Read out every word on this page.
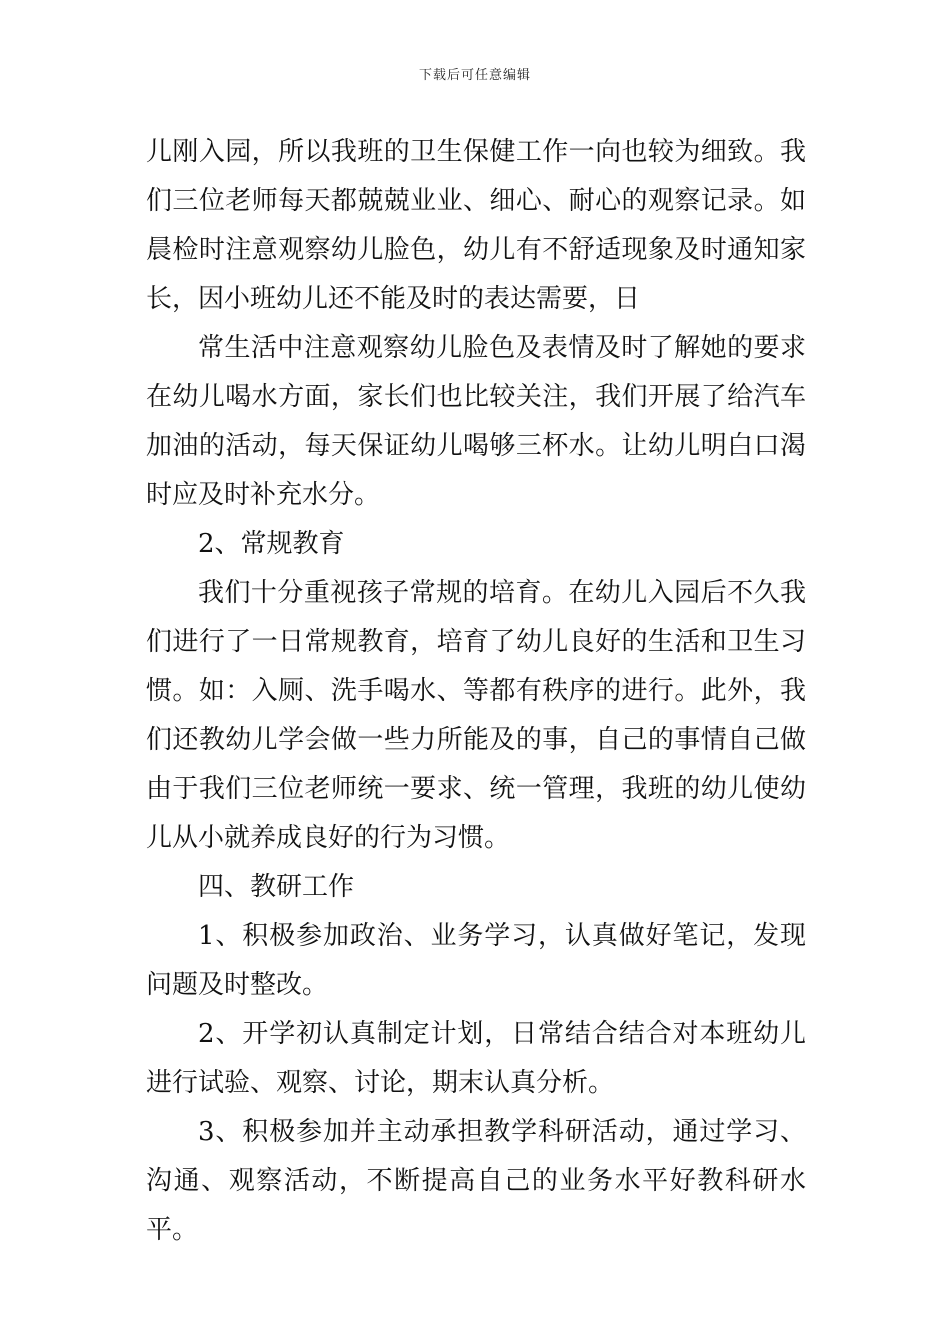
下载后可任意编辑

儿刚入园，所以我班的卫生保健工作一向也较为细致。我们三位老师每天都兢兢业业、细心、耐心的观察记录。如晨检时注意观察幼儿脸色，幼儿有不舒适现象及时通知家长，因小班幼儿还不能及时的表达需要，日

常生活中注意观察幼儿脸色及表情及时了解她的要求在幼儿喝水方面，家长们也比较关注，我们开展了给汽车加油的活动，每天保证幼儿喝够三杯水。让幼儿明白口渴时应及时补充水分。

2、常规教育

我们十分重视孩子常规的培育。在幼儿入园后不久我们进行了一日常规教育，培育了幼儿良好的生活和卫生习惯。如：入厕、洗手喝水、等都有秩序的进行。此外，我们还教幼儿学会做一些力所能及的事，自己的事情自己做由于我们三位老师统一要求、统一管理，我班的幼儿使幼儿从小就养成良好的行为习惯。

四、教研工作

1、积极参加政治、业务学习，认真做好笔记，发现问题及时整改。

2、开学初认真制定计划，日常结合结合对本班幼儿进行试验、观察、讨论，期末认真分析。

3、积极参加并主动承担教学科研活动，通过学习、沟通、观察活动，不断提高自己的业务水平好教科研水平。
